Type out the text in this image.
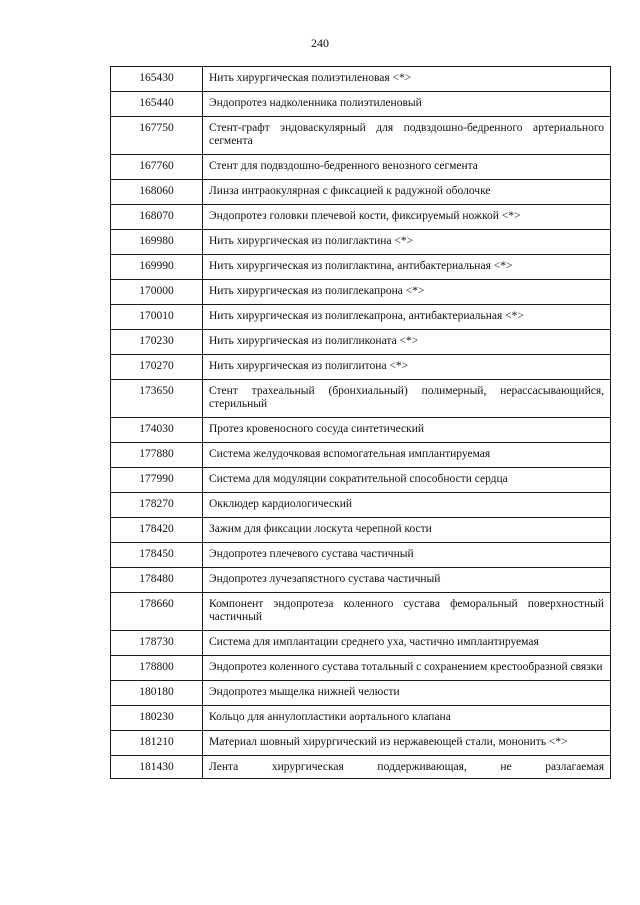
240
165430	Нить хирургическая полиэтиленовая <*>
165440	Эндопротез надколенника полиэтиленовый
167750	Стент-графт эндоваскулярный для подвздошно-бедренного артериального сегмента
167760	Стент для подвздошно-бедренного венозного сегмента
168060	Линза интраокулярная с фиксацией к радужной оболочке
168070	Эндопротез головки плечевой кости, фиксируемый ножкой <*>
169980	Нить хирургическая из полиглактина <*>
169990	Нить хирургическая из полиглактина, антибактериальная <*>
170000	Нить хирургическая из полиглекапрона <*>
170010	Нить хирургическая из полиглекапрона, антибактериальная <*>
170230	Нить хирургическая из полигликоната <*>
170270	Нить хирургическая из полиглитона <*>
173650	Стент трахеальный (бронхиальный) полимерный, нерассасывающийся, стерильный
174030	Протез кровеносного сосуда синтетический
177880	Система желудочковая вспомогательная имплантируемая
177990	Система для модуляции сократительной способности сердца
178270	Окклюдер кардиологический
178420	Зажим для фиксации лоскута черепной кости
178450	Эндопротез плечевого сустава частичный
178480	Эндопротез лучезапястного сустава частичный
178660	Компонент эндопротеза коленного сустава феморальный поверхностный частичный
178730	Система для имплантации среднего уха, частично имплантируемая
178800	Эндопротез коленного сустава тотальный с сохранением крестообразной связки
180180	Эндопротез мыщелка нижней челюсти
180230	Кольцо для аннулопластики аортального клапана
181210	Материал шовный хирургический из нержавеющей стали, мононить <*>
181430	Лента хирургическая поддерживающая, не разлагаемая
